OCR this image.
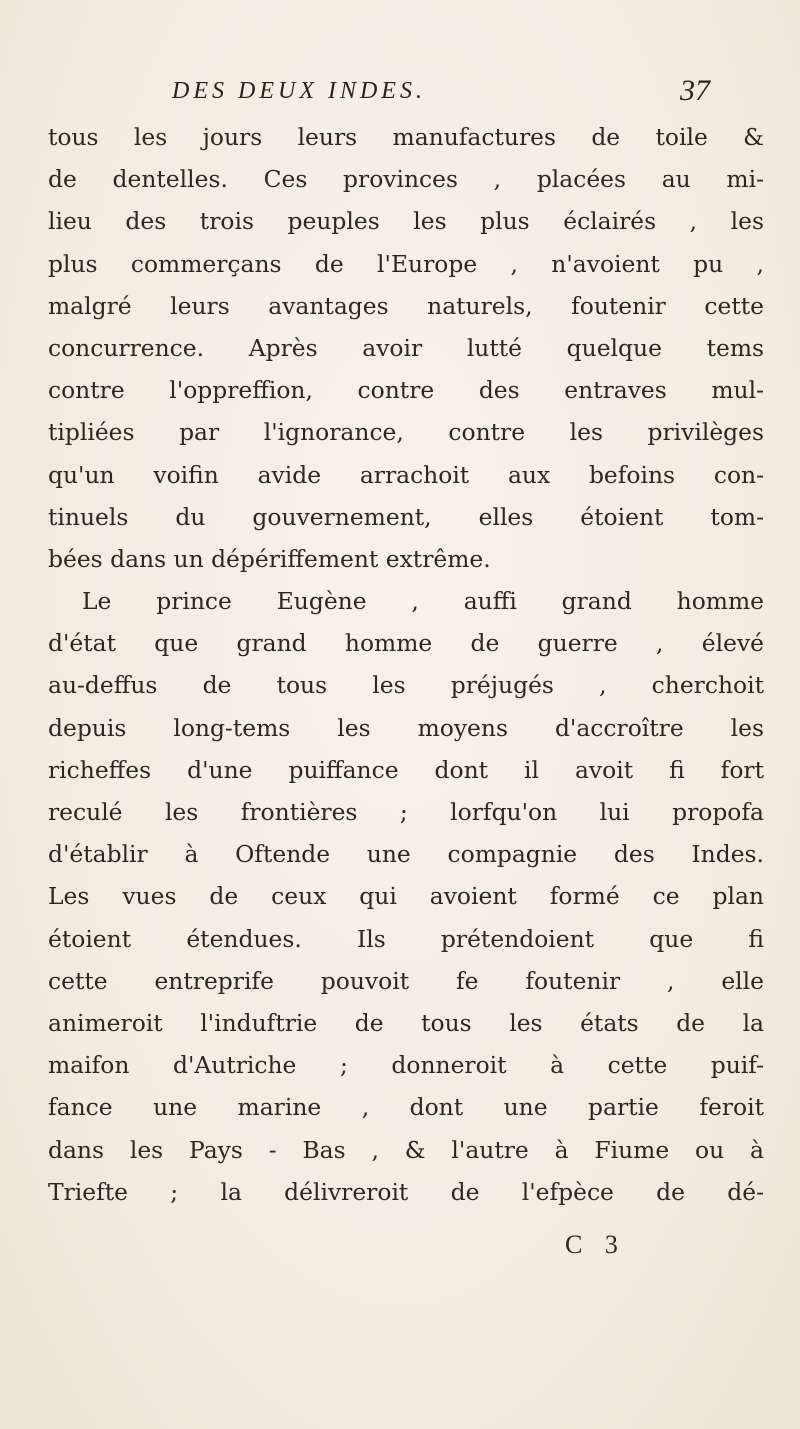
DES DEUX INDES.	37
tous les jours leurs manufactures de toile &
de dentelles. Ces provinces , placées au mi-
lieu des trois peuples les plus éclairés , les
plus commerçans de l'Europe , n'avoient pu ,
malgré leurs avantages naturels, foutenir cette
concurrence. Après avoir lutté quelque tems
contre l'oppreffion, contre des entraves mul-
tipliées par l'ignorance, contre les privilèges
qu'un voifin avide arrachoit aux befoins con-
tinuels du gouvernement, elles étoient tom-
bées dans un dépériffement extrême.
Le prince Eugène , auffi grand homme
d'état que grand homme de guerre , élevé
au-deffus de tous les préjugés , cherchoit
depuis long-tems les moyens d'accroître les
richeffes d'une puiffance dont il avoit fi fort
reculé les frontières ; lorfqu'on lui propofa
d'établir à Oftende une compagnie des Indes.
Les vues de ceux qui avoient formé ce plan
étoient étendues. Ils prétendoient que fi
cette entreprife pouvoit fe foutenir , elle
animeroit l'induftrie de tous les états de la
maifon d'Autriche ; donneroit à cette puif-
fance une marine , dont une partie feroit
dans les Pays - Bas , & l'autre à Fiume ou à
Triefte ; la délivreroit de l'efpèce de dé-
C 3
